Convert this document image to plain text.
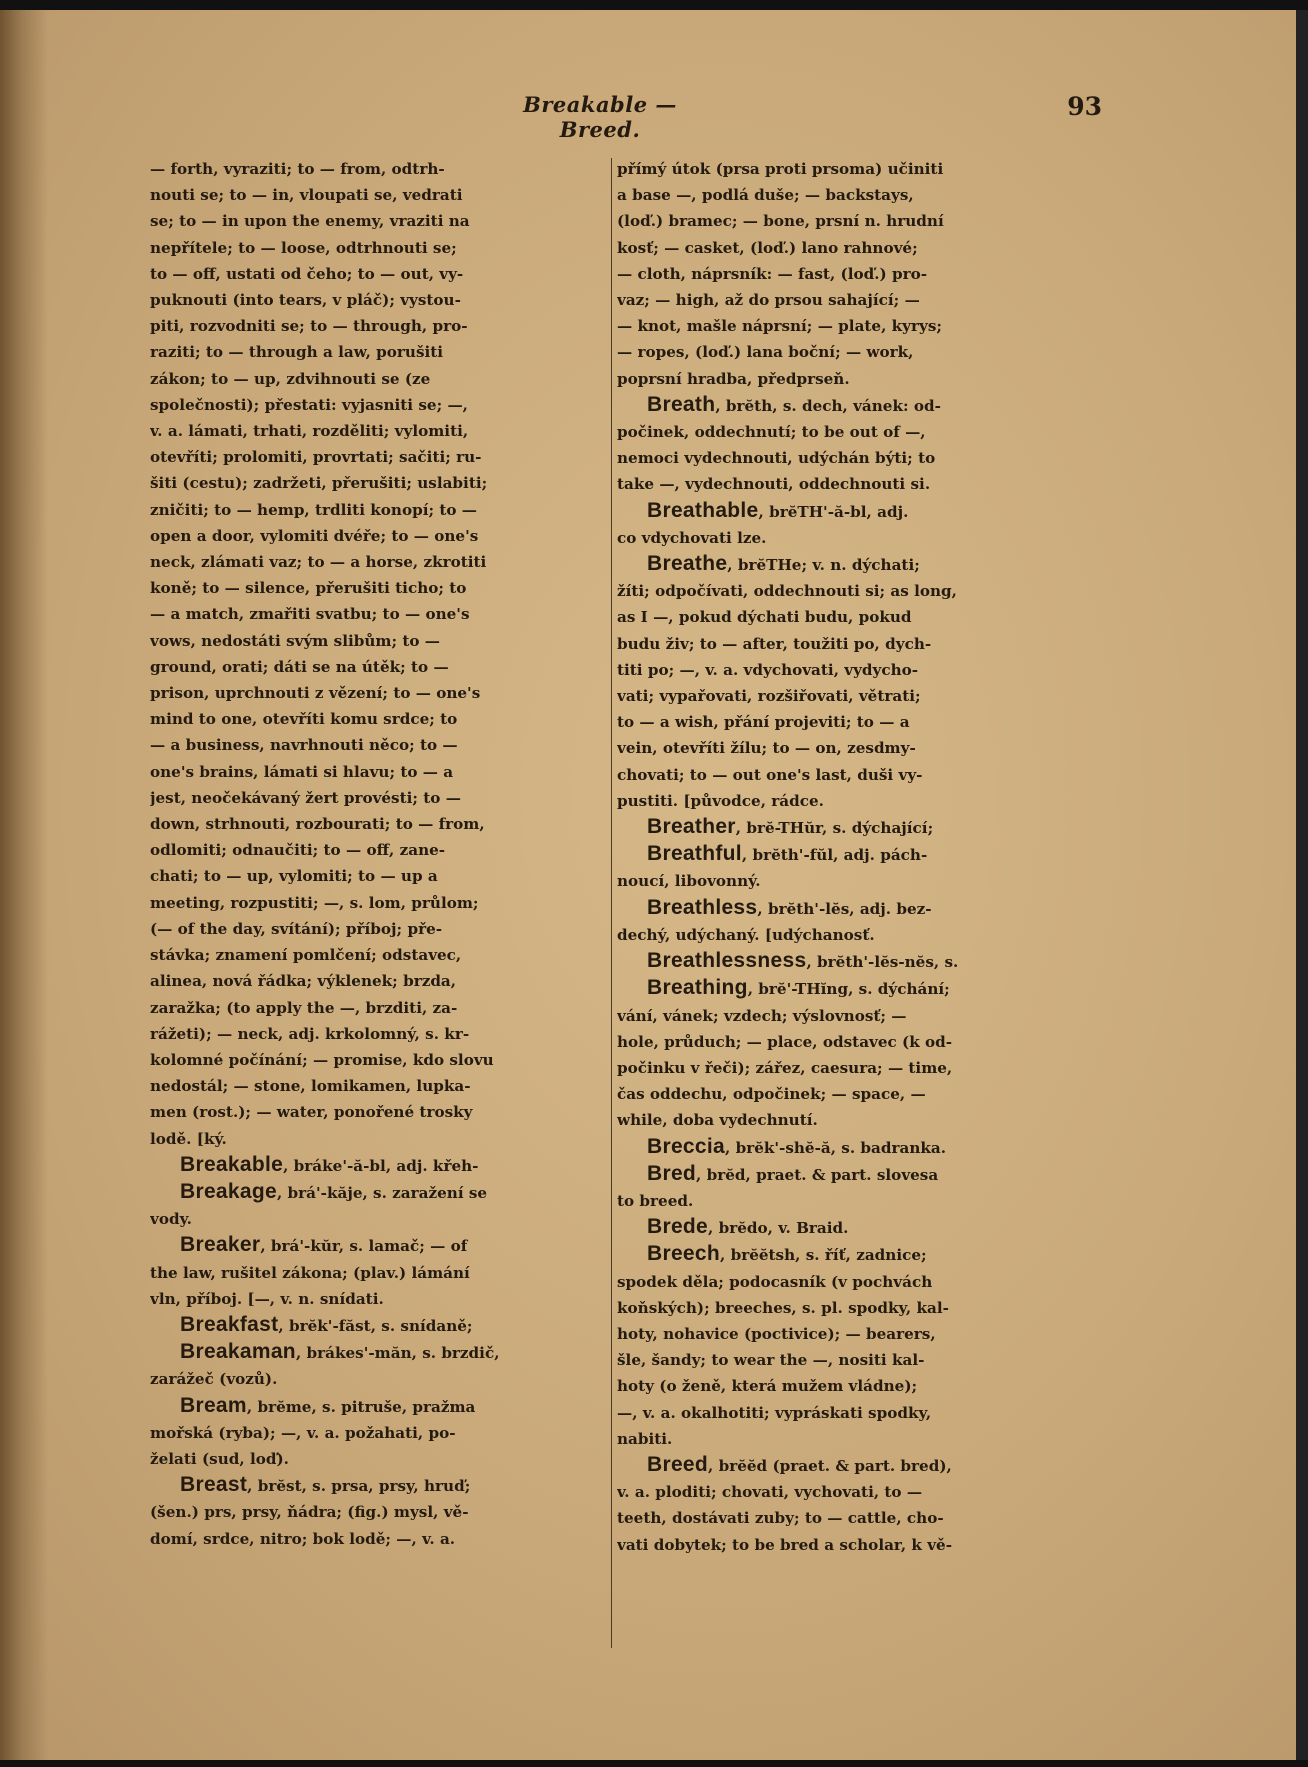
Breakable — Breed.
93
— forth, vyraziti; to — from, odtrh-
nouti se; to — in, vloupati se, vedrati
se; to — in upon the enemy, vraziti na
nepřítele; to — loose, odtrhnouti se;
to — off, ustati od čeho; to — out, vy-
puknouti (into tears, v pláč); vystou-
piti, rozvodniti se; to — through, pro-
raziti; to — through a law, porušiti
zákon; to — up, zdvihnouti se (ze
společnosti); přestati: vyjasniti se; —,
v. a. lámati, trhati, rozděliti; vylomiti,
otevříti; prolomiti, provrtati; sačiti; ru-
šiti (cestu); zadržeti, přerušiti; uslabiti;
zničiti; to — hemp, trdliti konopí; to —
open a door, vylomiti dvéře; to — one's
neck, zlámati vaz; to — a horse, zkrotiti
koně; to — silence, přerušiti ticho; to
— a match, zmařiti svatbu; to — one's
vows, nedostáti svým slibům; to —
ground, orati; dáti se na útěk; to —
prison, uprchnouti z vězení; to — one's
mind to one, otevříti komu srdce; to
— a business, navrhnouti něco; to —
one's brains, lámati si hlavu; to — a
jest, neočekávaný žert provésti; to —
down, strhnouti, rozbourati; to — from,
odlomiti; odnaučiti; to — off, zane-
chati; to — up, vylomiti; to — up a
meeting, rozpustiti; —, s. lom, průlom;
(— of the day, svítání); příboj; pře-
stávka; znamení pomlčení; odstavec,
alinea, nová řádka; výklenek; brzda,
zaražka; (to apply the —, brzditi, za-
rážeti); — neck, adj. krkolomný, s. kr-
kolomné počínání; — promise, kdo slovu
nedostál; — stone, lomikamen, lupka-
men (rost.); — water, ponořené trosky
lodě. [ký.
Breakable, bráke'-ă-bl, adj. křeh-
Breakage, brá'-kăje, s. zaražení se
vody.
Breaker, brá'-kŭr, s. lamač; — of
the law, rušitel zákona; (plav.) lámání
vln, příboj. [—, v. n. snídati.
Breakfast, brĕk'-făst, s. snídaně;
Breakaman, brákes'-măn, s. brzdič,
zarážeč (vozů).
Bream, brĕme, s. pitruše, pražma
mořská (ryba); —, v. a. požahati, po-
želati (sud, loď).
Breast, brĕst, s. prsa, prsy, hruď;
(šen.) prs, prsy, ňádra; (fig.) mysl, vě-
domí, srdce, nitro; bok lodě; —, v. a.
přímý útok (prsa proti prsoma) učiniti
a base —, podlá duše; — backstays,
(loď.) bramec; — bone, prsní n. hrudní
kosť; — casket, (loď.) lano rahnové;
— cloth, náprsník: — fast, (loď.) pro-
vaz; — high, až do prsou sahající; —
— knot, mašle náprsní; — plate, kyrys;
— ropes, (loď.) lana boční; — work,
poprsní hradba, předprseň.
Breath, brĕth, s. dech, vánek: od-
počinek, oddechnutí; to be out of —,
nemoci vydechnouti, udýchán býti; to
take —, vydechnouti, oddechnouti si.
Breathable, brĕTH'-ă-bl, adj.
co vdychovati lze.
Breathe, brĕTHe; v. n. dýchati;
žíti; odpočívati, oddechnouti si; as long,
as I —, pokud dýchati budu, pokud
budu živ; to — after, toužiti po, dych-
titi po; —, v. a. vdychovati, vydycho-
vati; vypařovati, rozšiřovati, větrati;
to — a wish, přání projeviti; to — a
vein, otevříti žílu; to — on, zesdmy-
chovati; to — out one's last, duši vy-
pustiti. [původce, rádce.
Breather, brĕ-THŭr, s. dýchající;
Breathful, brĕth'-fŭl, adj. pách-
noucí, libovonný.
Breathless, brĕth'-lĕs, adj. bez-
dechý, udýchaný. [udýchanosť.
Breathlessness, brĕth'-lĕs-nĕs, s.
Breathing, brĕ'-THĭng, s. dýchání;
vání, vánek; vzdech; výslovnosť; —
hole, průduch; — place, odstavec (k od-
počinku v řeči); zářez, caesura; — time,
čas oddechu, odpočinek; — space, —
while, doba vydechnutí.
Breccia, brĕk'-shĕ-ă, s. badranka.
Bred, brĕd, praet. & part. slovesa
to breed.
Brede, brĕdo, v. Braid.
Breech, brĕĕtsh, s. říť, zadnice;
spodek děla; podocasník (v pochvách
koňských); breeches, s. pl. spodky, kal-
hoty, nohavice (poctivice); — bearers,
šle, šandy; to wear the —, nositi kal-
hoty (o ženě, která mužem vládne);
—, v. a. okalhotiti; vypráskati spodky,
nabiti.
Breed, brĕĕd (praet. & part. bred),
v. a. ploditi; chovati, vychovati, to —
teeth, dostávati zuby; to — cattle, cho-
vati dobytek; to be bred a scholar, k vě-
